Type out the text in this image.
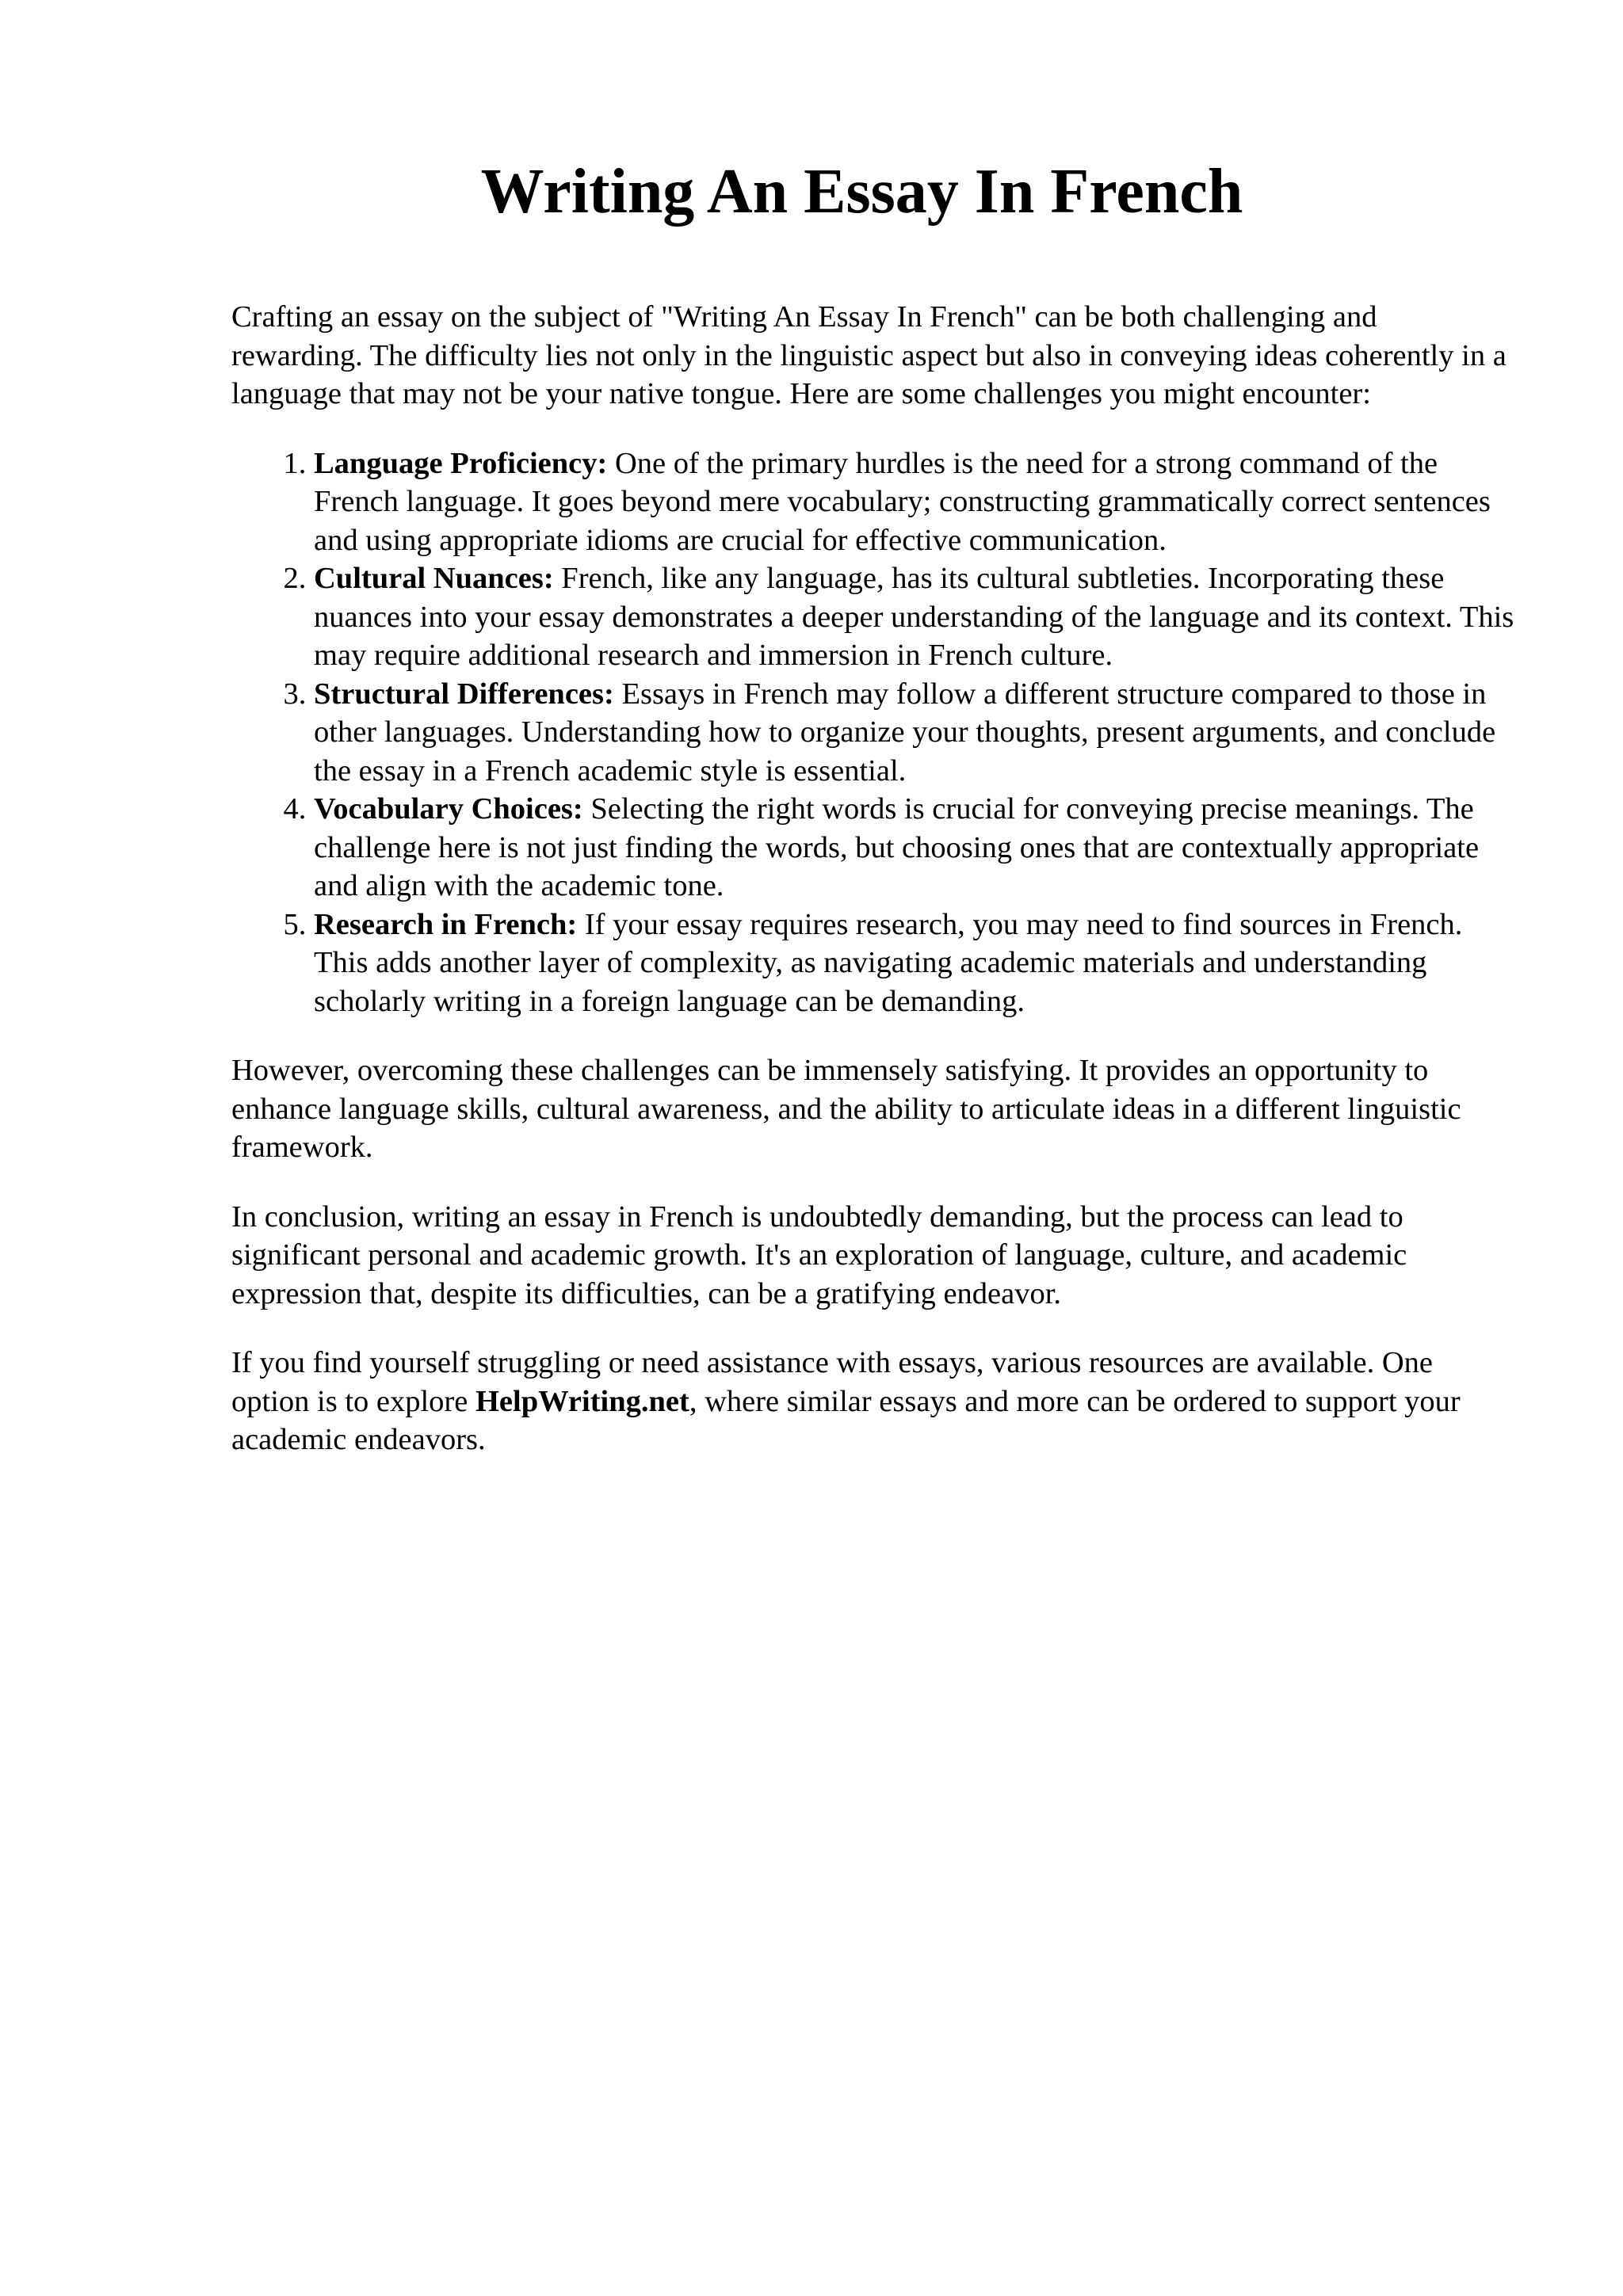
Writing An Essay In French

Crafting an essay on the subject of "Writing An Essay In French" can be both challenging and rewarding. The difficulty lies not only in the linguistic aspect but also in conveying ideas coherently in a language that may not be your native tongue. Here are some challenges you might encounter:

1. Language Proficiency: One of the primary hurdles is the need for a strong command of the French language. It goes beyond mere vocabulary; constructing grammatically correct sentences and using appropriate idioms are crucial for effective communication.
2. Cultural Nuances: French, like any language, has its cultural subtleties. Incorporating these nuances into your essay demonstrates a deeper understanding of the language and its context. This may require additional research and immersion in French culture.
3. Structural Differences: Essays in French may follow a different structure compared to those in other languages. Understanding how to organize your thoughts, present arguments, and conclude the essay in a French academic style is essential.
4. Vocabulary Choices: Selecting the right words is crucial for conveying precise meanings. The challenge here is not just finding the words, but choosing ones that are contextually appropriate and align with the academic tone.
5. Research in French: If your essay requires research, you may need to find sources in French. This adds another layer of complexity, as navigating academic materials and understanding scholarly writing in a foreign language can be demanding.

However, overcoming these challenges can be immensely satisfying. It provides an opportunity to enhance language skills, cultural awareness, and the ability to articulate ideas in a different linguistic framework.

In conclusion, writing an essay in French is undoubtedly demanding, but the process can lead to significant personal and academic growth. It's an exploration of language, culture, and academic expression that, despite its difficulties, can be a gratifying endeavor.

If you find yourself struggling or need assistance with essays, various resources are available. One option is to explore HelpWriting.net, where similar essays and more can be ordered to support your academic endeavors.
